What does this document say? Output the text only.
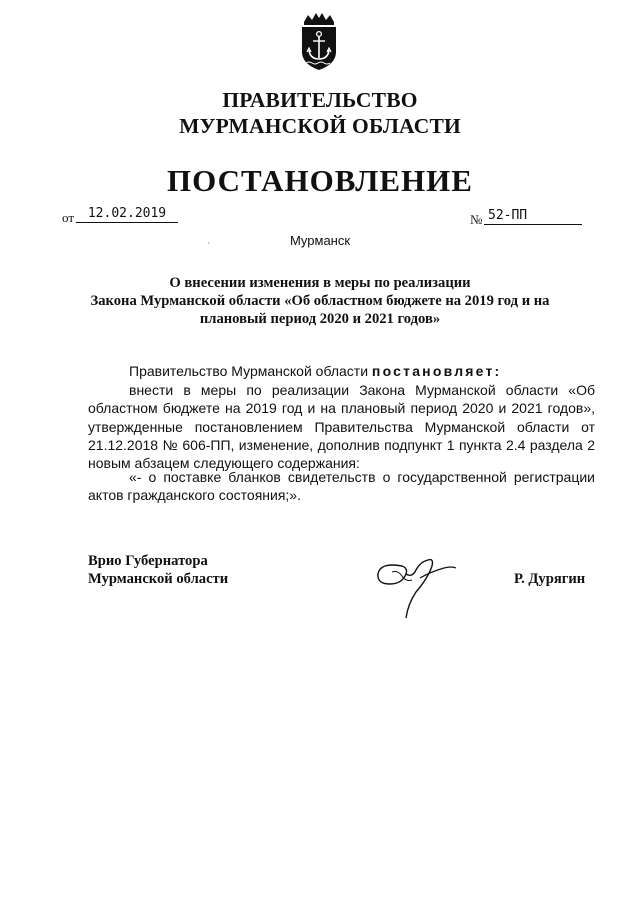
ПРАВИТЕЛЬСТВО
МУРМАНСКОЙ ОБЛАСТИ
ПОСТАНОВЛЕНИЕ
от	12.02.2019	№ 52-ПП
Мурманск
О внесении изменения в меры по реализации
Закона Мурманской области «Об областном бюджете на 2019 год и на
плановый период 2020 и 2021 годов»

Правительство Мурманской области постановляет:

внести в меры по реализации Закона Мурманской области «Об областном бюджете на 2019 год и на плановый период 2020 и 2021 годов», утвержденные постановлением Правительства Мурманской области от 21.12.2018 № 606-ПП, изменение, дополнив подпункт 1 пункта 2.4 раздела 2 новым абзацем следующего содержания:

«- о поставке бланков свидетельств о государственной регистрации актов гражданского состояния;».

Врио Губернатора
Мурманской области	Р. Дурягин
